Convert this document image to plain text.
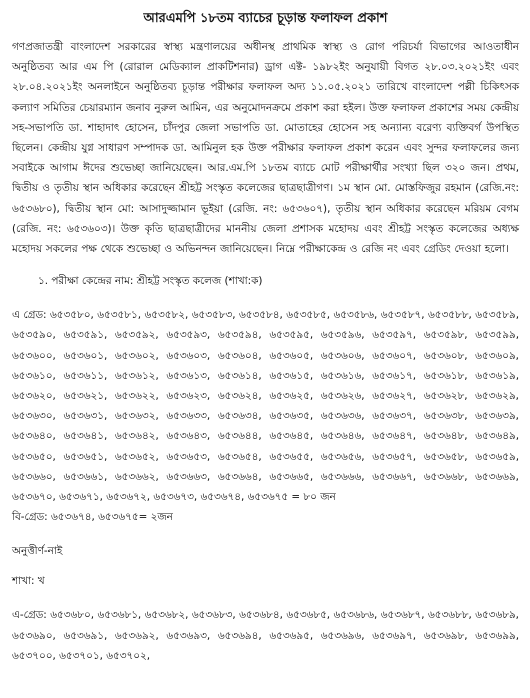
আরএমপি ১৮তম ব্যাচের চূড়ান্ত ফলাফল প্রকাশ

গণপ্রজাতন্ত্রী বাংলাদেশ সরকারের স্বাস্থ্য মন্ত্রণালয়ের অধীনস্থ প্রাথমিক স্বাস্থ্য ও রোগ পরিচর্যা বিভাগের আওতাধীন অনুষ্ঠিতব্য আর এম পি (রোরাল মেডিক্যাল প্রাকটিশনার) ড্রাগ এক্ট- ১৯৮২ইং অনুযায়ী বিগত ২৮.০৩.২০২১ইং এবং ২৮.০৪.২০২১ইং অনলাইনে অনুষ্ঠিতব্য চূড়ান্ত পরীক্ষার ফলাফল অদ্য ১১.০৫.২০২১ তারিখে বাংলাদেশ পল্লী চিকিৎসক কল্যাণ সমিতির চেয়ারম্যান জনাব নুরুল আমিন, এর অনুমোদনক্রমে প্রকাশ করা হইল। উক্ত ফলাফল প্রকাশের সময় কেন্দ্রীয় সহ-সভাপতি ডা. শাহাদাৎ হোসেন, চাঁদপুর জেলা সভাপতি ডা. মোতাহের হোসেন সহ অন্যান্য বরেণ্য ব্যক্তিবর্গ উপস্থিত ছিলেন। কেন্দ্রীয় যুগ্ন সাধারণ সম্পাদক ডা. আমিনুল হক উক্ত পরীক্ষার ফলাফল প্রকাশ করেন এবং সুন্দর ফলাফলের জন্য সবাইকে আগাম ঈদের শুভেচ্ছা জানিয়েছেন। আর.এম.পি ১৮তম ব্যাচে মোট পরীক্ষার্থীর সংখ্যা ছিল ৩২০ জন। প্রথম, দ্বিতীয় ও তৃতীয় স্থান অধিকার করেছেন শ্রীহট্ট সংস্কৃত কলেজের ছাত্রছাত্রীগণ। ১ম স্থান মো. মোস্তফিজুর রহমান (রেজি.নং: ৬৫৩৬৮০), দ্বিতীয় স্থান মো: আসাদুজ্জামান ভূইয়া (রেজি. নং: ৬৫৩৬০৭), তৃতীয় স্থান অধিকার করেছেন মরিয়ম বেগম (রেজি. নং: ৬৫৩৬০৩)। উক্ত কৃতি ছাত্রছাত্রীদের মাননীয় জেলা প্রশাসক মহোদয় এবং শ্রীহট্ট সংস্কৃত কলেজের অধ্যক্ষ মহোদয় সকলের পক্ষ থেকে শুভেচ্ছা ও অভিনন্দন জানিয়েছেন। নিম্নে পরীক্ষাকেন্দ্র ও রেজি নং এবং গ্রেডিং দেওয়া হলো।

১. পরীক্ষা কেন্দ্রের নাম: শ্রীহট্ট সংস্কৃত কলেজ (শাখা:ক)

এ গ্রেড: ৬৫৩৫৮০, ৬৫৩৫৮১, ৬৫৩৫৮২, ৬৫৩৫৮৩, ৬৫৩৫৮৪, ৬৫৩৫৮৫, ৬৫৩৫৮৬, ৬৫৩৫৮৭, ৬৫৩৫৮৮, ৬৫৩৫৮৯, ৬৫৩৫৯০, ৬৫৩৫৯১, ৬৫৩৫৯২, ৬৫৩৫৯৩, ৬৫৩৫৯৪, ৬৫৩৫৯৫, ৬৫৩৫৯৬, ৬৫৩৫৯৭, ৬৫৩৫৯৮, ৬৫৩৫৯৯, ৬৫৩৬০০, ৬৫৩৬০১, ৬৫৩৬০২, ৬৫৩৬০৩, ৬৫৩৬০৪, ৬৫৩৬০৫, ৬৫৩৬০৬, ৬৫৩৬০৭, ৬৫৩৬০৮, ৬৫৩৬০৯, ৬৫৩৬১০, ৬৫৩৬১১, ৬৫৩৬১২, ৬৫৩৬১৩, ৬৫৩৬১৪, ৬৫৩৬১৫, ৬৫৩৬১৬, ৬৫৩৬১৭, ৬৫৩৬১৮, ৬৫৩৬১৯, ৬৫৩৬২০, ৬৫৩৬২১, ৬৫৩৬২২, ৬৫৩৬২৩, ৬৫৩৬২৪, ৬৫৩৬২৫, ৬৫৩৬২৬, ৬৫৩৬২৭, ৬৫৩৬২৮, ৬৫৩৬২৯, ৬৫৩৬৩০, ৬৫৩৬৩১, ৬৫৩৬৩২, ৬৫৩৬৩৩, ৬৫৩৬৩৪, ৬৫৩৬৩৫, ৬৫৩৬৩৬, ৬৫৩৬৩৭, ৬৫৩৬৩৮, ৬৫৩৬৩৯, ৬৫৩৬৪০, ৬৫৩৬৪১, ৬৫৩৬৪২, ৬৫৩৬৪৩, ৬৫৩৬৪৪, ৬৫৩৬৪৫, ৬৫৩৬৪৬, ৬৫৩৬৪৭, ৬৫৩৬৪৮, ৬৫৩৬৪৯, ৬৫৩৬৫০, ৬৫৩৬৫১, ৬৫৩৬৫২, ৬৫৩৬৫৩, ৬৫৩৬৫৪, ৬৫৩৬৫৫, ৬৫৩৬৫৬, ৬৫৩৬৫৭, ৬৫৩৬৫৮, ৬৫৩৬৫৯, ৬৫৩৬৬০, ৬৫৩৬৬১, ৬৫৩৬৬২, ৬৫৩৬৬৩, ৬৫৩৬৬৪, ৬৫৩৬৬৫, ৬৫৩৬৬৬, ৬৫৩৬৬৭, ৬৫৩৬৬৮, ৬৫৩৬৬৯, ৬৫৩৬৭০, ৬৫৩৬৭১, ৬৫৩৬৭২, ৬৫৩৬৭৩, ৬৫৩৬৭৪, ৬৫৩৬৭৫ = ৮০ জন

বি-গ্রেড: ৬৫৩৬৭৪, ৬৫৩৬৭৫= ২জন

অনুত্তীর্ণ-নাই

শাখা: খ

এ-গ্রেড: ৬৫৩৬৮০, ৬৫৩৬৮১, ৬৫৩৬৮২, ৬৫৩৬৮৩, ৬৫৩৬৮৪, ৬৫৩৬৮৫, ৬৫৩৬৮৬, ৬৫৩৬৮৭, ৬৫৩৬৮৮, ৬৫৩৬৮৯, ৬৫৩৬৯০, ৬৫৩৬৯১, ৬৫৩৬৯২, ৬৫৩৬৯৩, ৬৫৩৬৯৪, ৬৫৩৬৯৫, ৬৫৩৬৯৬, ৬৫৩৬৯৭, ৬৫৩৬৯৮, ৬৫৩৬৯৯, ৬৫৩৭০০, ৬৫৩৭০১, ৬৫৩৭০২,
